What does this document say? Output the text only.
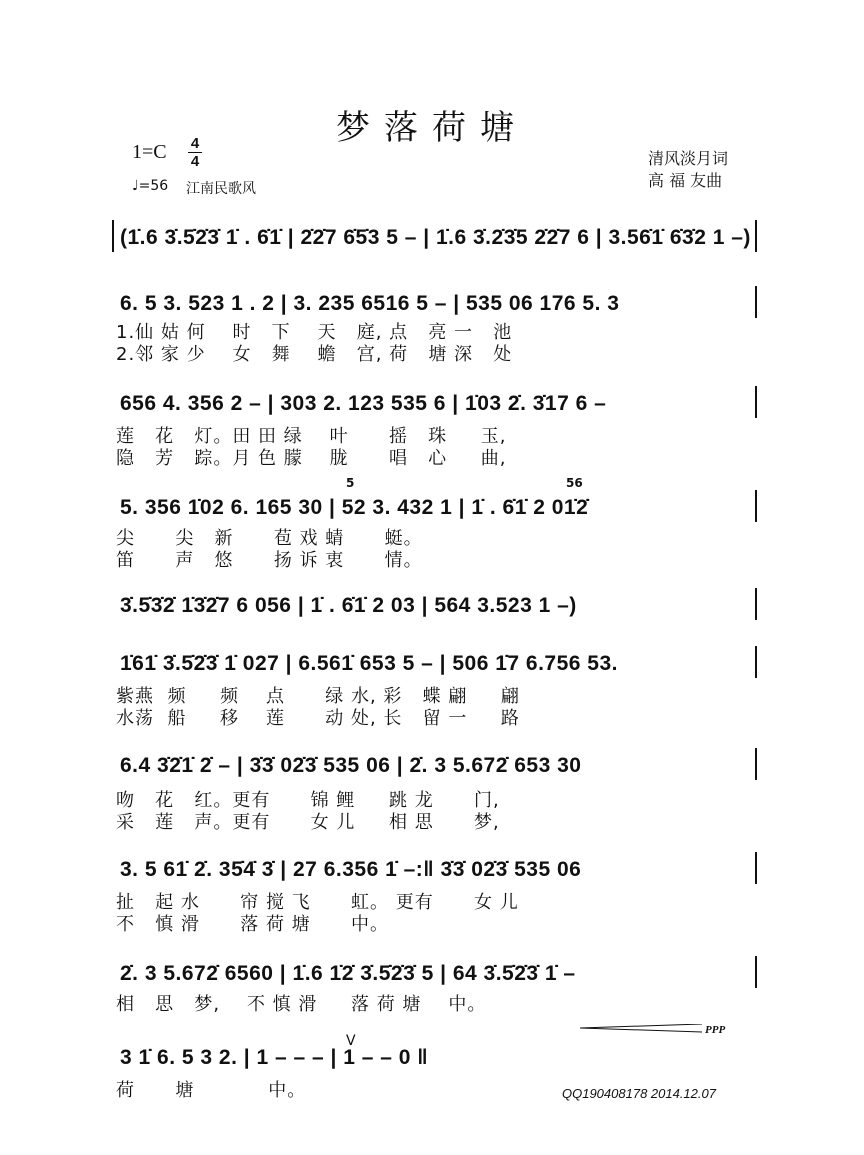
梦落荷塘
1=C	4
4
♩=56 江南民歌风
清风淡月词
高 福 友曲
(1̇.6 3̇.5̇2̇3̇ 1̇ . 6̇1̇ | 2̇2̇7 6̇5̇3 5 – | 1̇.6 3̇.2̇3̇5 2̇2̇7 6 | 3.56̇1̇ 6̇3̇2 1 –)
6. 5 3. 523 1 . 2 | 3. 235 6516 5 – | 535 06 176 5. 3
656 4. 356 2 – | 303 2. 123 535 6 | 1̇03 2̇. 3̇17 6 –
5. 356 1̇02 6. 165 30 | 52 3. 432 1 | 1̇ . 6̇1̇ 2 01̇2̇
3̇.5̇3̇2̇ 1̇3̇2̇7 6 056 | 1̇ . 6̇1̇ 2 03 | 564 3.523 1 –)
1̇61̇ 3̇.5̇2̇3̇ 1̇ 027 | 6.561̇ 653 5 – | 506 1̇7 6.756 53.
6.4 3̇2̇1̇ 2̇ – | 3̇3̇ 02̇3̇ 535 06 | 2̇. 3 5.672̇ 653 30
3. 5 61̇ 2̇. 35̇4̇ 3̇ | 27 6.356 1̇ –:‖ 3̇3̇ 02̇3̇ 535 06
2̇. 3 5.672̇ 6560 | 1̇.6 1̇2̇ 3̇.5̇2̇3̇ 5 | 64 3̇.5̇2̇3̇ 1̇ –
3 1̇ 6. 5 3 2. | 1 – – – | 1 – – 0 ‖
5	56
V
PPP
1.仙 姑 何    时   下    天   庭, 点   亮 一   池
2.邻 家 少    女   舞    蟾   宫, 荷   塘 深   处
莲   花   灯。田 田 绿    叶      摇   珠     玉,
隐   芳   踪。月 色 朦    胧      唱   心     曲,
尖      尖   新      苞 戏 蜻      蜓。
笛      声   悠      扬 诉 衷      情。
紫燕  频     频    点      绿 水, 彩   蝶 翩     翩
水荡  船     移    莲      动 处, 长   留 一     路
吻   花   红。更有      锦 鲤     跳 龙      门,
采   莲   声。更有      女 儿     相 思      梦,
扯   起 水      帘 搅 飞      虹。 更有      女 儿
不   慎 滑      落 荷 塘      中。
相   思   梦,    不 慎 滑     落 荷 塘    中。
荷      塘           中。	QQ190408178 2014.12.07
